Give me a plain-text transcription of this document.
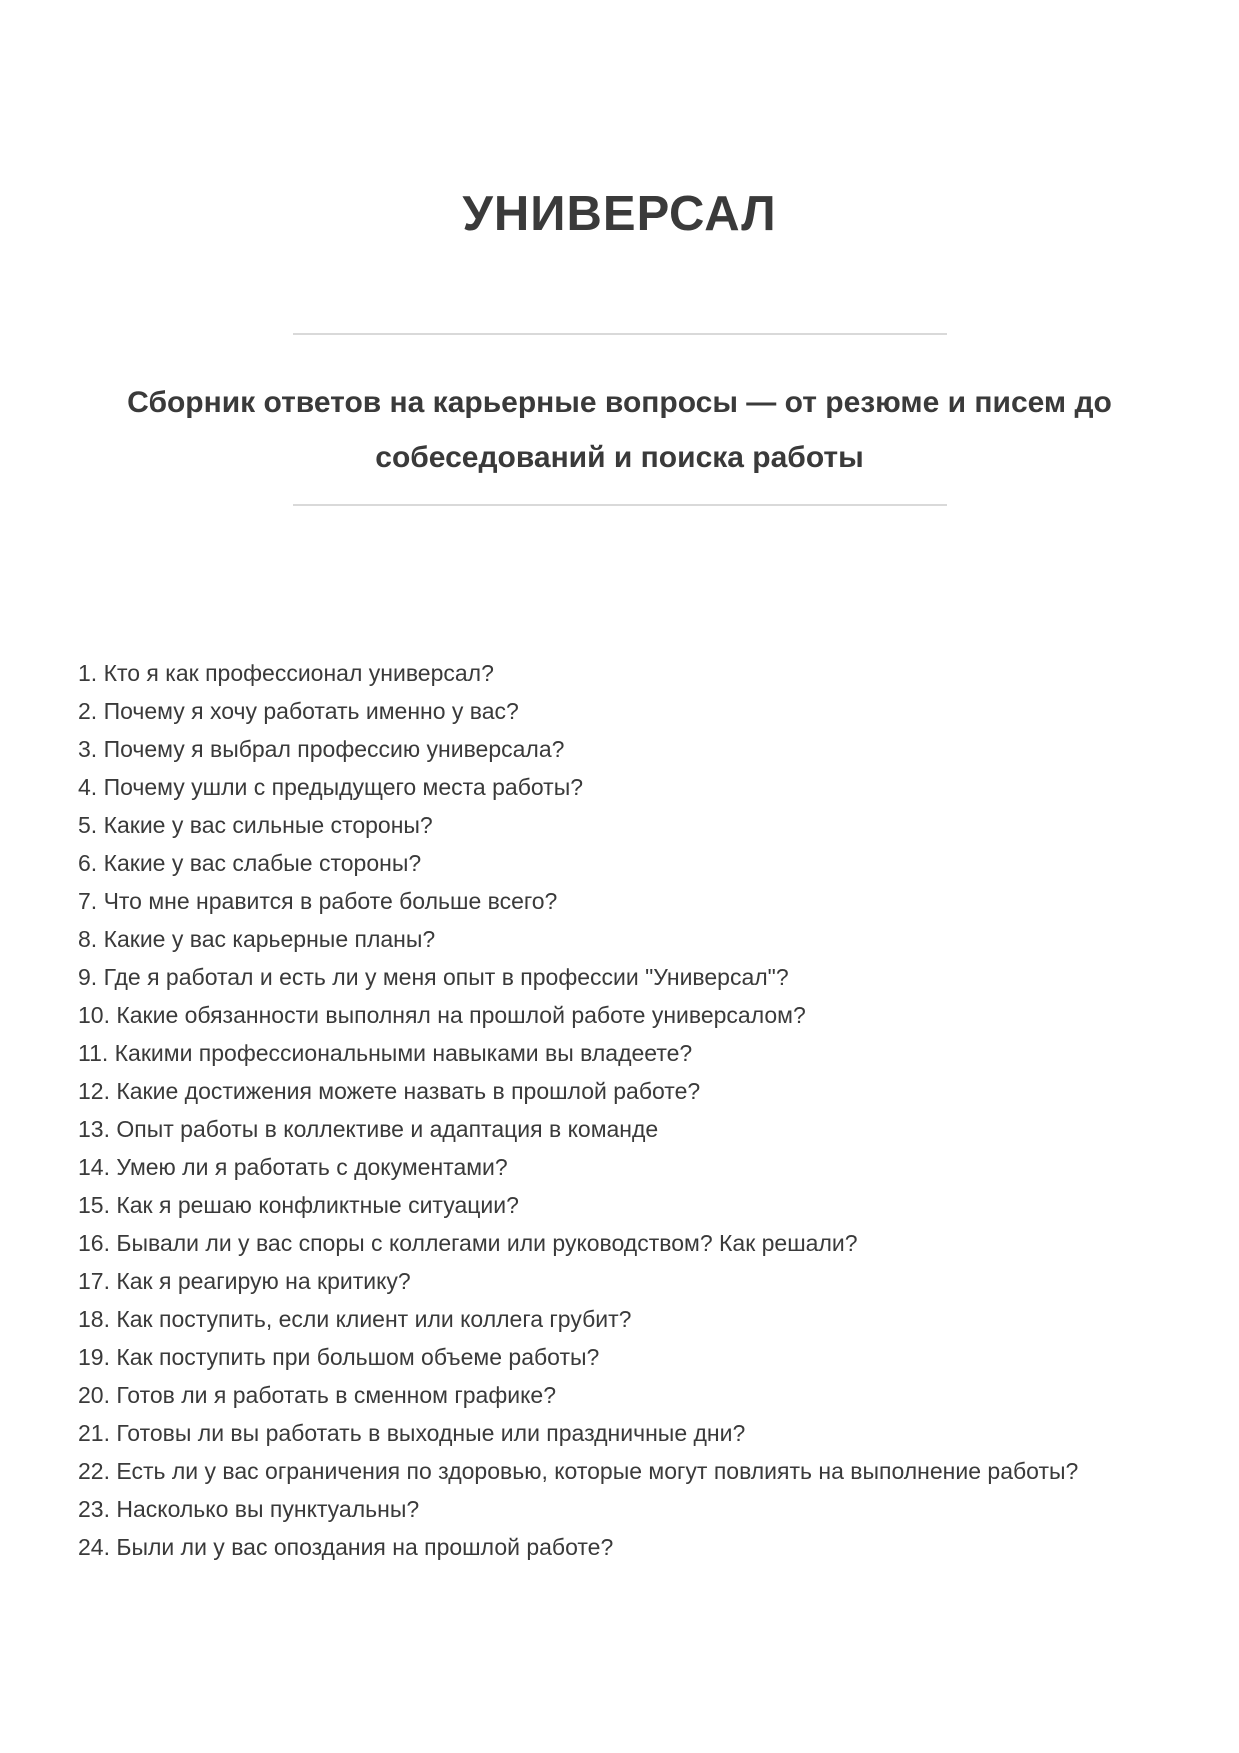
УНИВЕРСАЛ
Сборник ответов на карьерные вопросы — от резюме и писем до собеседований и поиска работы
1. Кто я как профессионал универсал?
2. Почему я хочу работать именно у вас?
3. Почему я выбрал профессию универсала?
4. Почему ушли с предыдущего места работы?
5. Какие у вас сильные стороны?
6. Какие у вас слабые стороны?
7. Что мне нравится в работе больше всего?
8. Какие у вас карьерные планы?
9. Где я работал и есть ли у меня опыт в профессии "Универсал"?
10. Какие обязанности выполнял на прошлой работе универсалом?
11. Какими профессиональными навыками вы владеете?
12. Какие достижения можете назвать в прошлой работе?
13. Опыт работы в коллективе и адаптация в команде
14. Умею ли я работать с документами?
15. Как я решаю конфликтные ситуации?
16. Бывали ли у вас споры с коллегами или руководством? Как решали?
17. Как я реагирую на критику?
18. Как поступить, если клиент или коллега грубит?
19. Как поступить при большом объеме работы?
20. Готов ли я работать в сменном графике?
21. Готовы ли вы работать в выходные или праздничные дни?
22. Есть ли у вас ограничения по здоровью, которые могут повлиять на выполнение работы?
23. Насколько вы пунктуальны?
24. Были ли у вас опоздания на прошлой работе?
